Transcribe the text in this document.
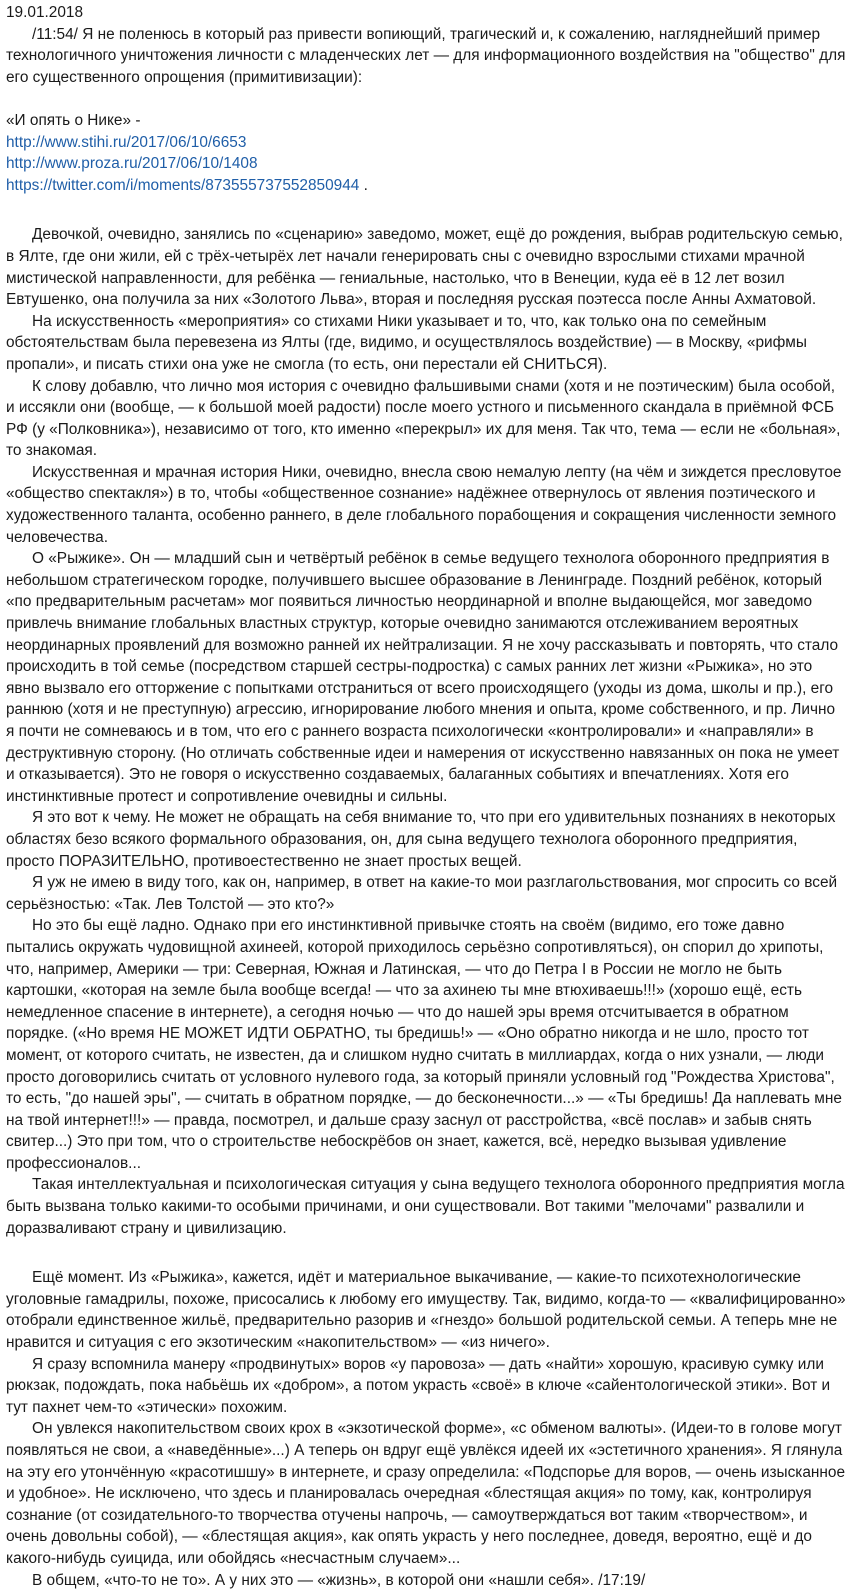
19.01.2018

/11:54/ Я не поленюсь в который раз привести вопиющий, трагический и, к сожалению, нагляднейший пример технологичного уничтожения личности с младенческих лет — для информационного воздействия на "общество" для его существенного опрощения (примитивизации):

«И опять о Нике» -

http://www.stihi.ru/2017/06/10/6653
http://www.proza.ru/2017/06/10/1408
https://twitter.com/i/moments/873555737552850944 .

Девочкой, очевидно, занялись по «сценарию» заведомо, может, ещё до рождения, выбрав родительскую семью, в Ялте, где они жили, ей с трёх-четырёх лет начали генерировать сны с очевидно взрослыми стихами мрачной мистической направленности, для ребёнка — гениальные, настолько, что в Венеции, куда её в 12 лет возил Евтушенко, она получила за них «Золотого Льва», вторая и последняя русская поэтесса после Анны Ахматовой.

На искусственность «мероприятия» со стихами Ники указывает и то, что, как только она по семейным обстоятельствам была перевезена из Ялты (где, видимо, и осуществлялось воздействие) — в Москву, «рифмы пропали», и писать стихи она уже не смогла (то есть, они перестали ей СНИТЬСЯ).

К слову добавлю, что лично моя история с очевидно фальшивыми снами (хотя и не поэтическим) была особой, и иссякли они (вообще, — к большой моей радости) после моего устного и письменного скандала в приёмной ФСБ РФ (у «Полковника»), независимо от того, кто именно «перекрыл» их для меня. Так что, тема — если не «больная», то знакомая.

Искусственная и мрачная история Ники, очевидно, внесла свою немалую лепту (на чём и зиждется пресловутое «общество спектакля») в то, чтобы «общественное сознание» надёжнее отвернулось от явления поэтического и художественного таланта, особенно раннего, в деле глобального порабощения и сокращения численности земного человечества.

О «Рыжике». Он — младший сын и четвёртый ребёнок в семье ведущего технолога оборонного предприятия в небольшом стратегическом городке, получившего высшее образование в Ленинграде. Поздний ребёнок, который «по предварительным расчетам» мог появиться личностью неординарной и вполне выдающейся, мог заведомо привлечь внимание глобальных властных структур, которые очевидно занимаются отслеживанием вероятных неординарных проявлений для возможно ранней их нейтрализации. Я не хочу рассказывать и повторять, что стало происходить в той семье (посредством старшей сестры-подростка) с самых ранних лет жизни «Рыжика», но это явно вызвало его отторжение с попытками отстраниться от всего происходящего (уходы из дома, школы и пр.), его раннюю (хотя и не преступную) агрессию, игнорирование любого мнения и опыта, кроме собственного, и пр. Лично я почти не сомневаюсь и в том, что его с раннего возраста психологически «контролировали» и «направляли» в деструктивную сторону. (Но отличать собственные идеи и намерения от искусственно навязанных он пока не умеет и отказывается). Это не говоря о искусственно создаваемых, балаганных событиях и впечатлениях. Хотя его инстинктивные протест и сопротивление очевидны и сильны.

Я это вот к чему. Не может не обращать на себя внимание то, что при его удивительных познаниях в некоторых областях безо всякого формального образования, он, для сына ведущего технолога оборонного предприятия, просто ПОРАЗИТЕЛЬНО, противоестественно не знает простых вещей.

Я уж не имею в виду того, как он, например, в ответ на какие-то мои разглагольствования, мог спросить со всей серьёзностью: «Так. Лев Толстой — это кто?»

Но это бы ещё ладно. Однако при его инстинктивной привычке стоять на своём (видимо, его тоже давно пытались окружать чудовищной ахинеей, которой приходилось серьёзно сопротивляться), он спорил до хрипоты, что, например, Америки — три: Северная, Южная и Латинская, — что до Петра I в России не могло не быть картошки, «которая на земле была вообще всегда! — что за ахинею ты мне втюхиваешь!!!» (хорошо ещё, есть немедленное спасение в интернете), а сегодня ночью — что до нашей эры время отсчитывается в обратном порядке. («Но время НЕ МОЖЕТ ИДТИ ОБРАТНО, ты бредишь!» — «Оно обратно никогда и не шло, просто тот момент, от которого считать, не известен, да и слишком нудно считать в миллиардах, когда о них узнали, — люди просто договорились считать от условного нулевого года, за который приняли условный год "Рождества Христова", то есть, "до нашей эры", — считать в обратном порядке, — до бесконечности...» — «Ты бредишь! Да наплевать мне на твой интернет!!!» — правда, посмотрел, и дальше сразу заснул от расстройства, «всё послав» и забыв снять свитер...) Это при том, что о строительстве небоскрёбов он знает, кажется, всё, нередко вызывая удивление профессионалов...

Такая интеллектуальная и психологическая ситуация у сына ведущего технолога оборонного предприятия могла быть вызвана только какими-то особыми причинами, и они существовали. Вот такими "мелочами" развалили и доразваливают страну и цивилизацию.

Ещё момент. Из «Рыжика», кажется, идёт и материальное выкачивание, — какие-то психотехнологические уголовные гамадрилы, похоже, присосались к любому его имуществу. Так, видимо, когда-то — «квалифицированно» отобрали единственное жильё, предварительно разорив и «гнездо» большой родительской семьи. А теперь мне не нравится и ситуация с его экзотическим «накопительством» — «из ничего».

Я сразу вспомнила манеру «продвинутых» воров «у паровоза» — дать «найти» хорошую, красивую сумку или рюкзак, подождать, пока набьёшь их «добром», а потом украсть «своё» в ключе «сайентологической этики». Вот и тут пахнет чем-то «этически» похожим.

Он увлекся накопительством своих крох в «экзотической форме», «с обменом валюты». (Идеи-то в голове могут появляться не свои, а «наведённые»...) А теперь он вдруг ещё увлёкся идеей их «эстетичного хранения». Я глянула на эту его утончённую «красотишшу» в интернете, и сразу определила: «Подспорье для воров, — очень изысканное и удобное». Не исключено, что здесь и планировалась очередная «блестящая акция» по тому, как, контролируя сознание (от созидательного-то творчества отучены напрочь, — самоутверждаться вот таким «творчеством», и очень довольны собой), — «блестящая акция», как опять украсть у него последнее, доведя, вероятно, ещё и до какого-нибудь суицида, или обойдясь «несчастным случаем»...

В общем, «что-то не то». А у них это — «жизнь», в которой они «нашли себя». /17:19/
